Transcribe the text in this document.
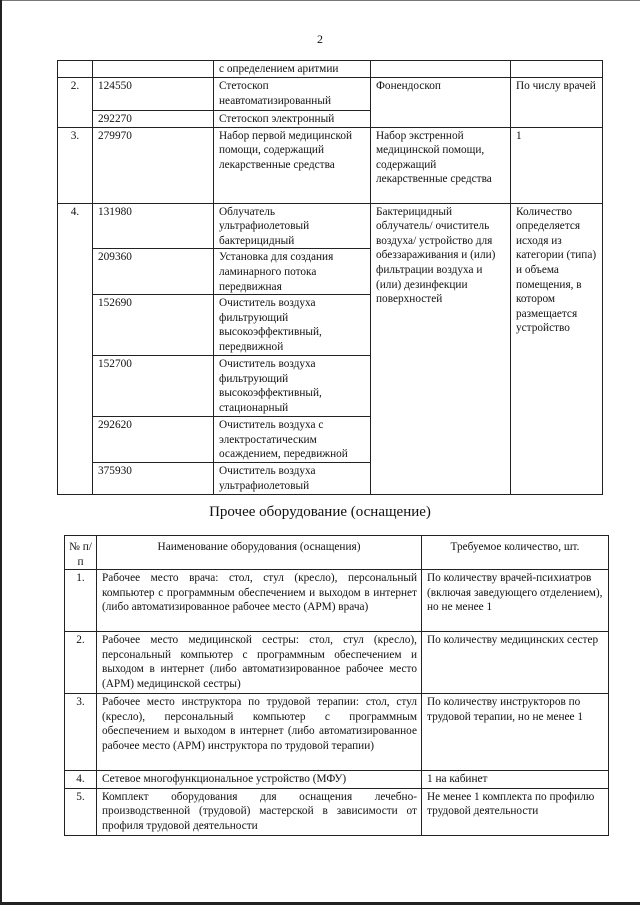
2
		с определением аритмии		
2.	124550	Стетоскоп неавтоматизированный	Фонендоскоп	По числу врачей
	292270	Стетоскоп электронный		
3.	279970	Набор первой медицинской помощи, содержащий лекарственные средства	Набор экстренной медицинской помощи, содержащий лекарственные средства	1
4.	131980	Облучатель ультрафиолетовый бактерицидный	Бактерицидный облучатель/ очиститель воздуха/ устройство для обеззараживания и (или) фильтрации воздуха и (или) дезинфекции поверхностей	Количество определяется исходя из категории (типа) и объема помещения, в котором размещается устройство
	209360	Установка для создания ламинарного потока передвижная		
	152690	Очиститель воздуха фильтрующий высокоэффективный, передвижной		
	152700	Очиститель воздуха фильтрующий высокоэффективный, стационарный		
	292620	Очиститель воздуха с электростатическим осаждением, передвижной		
	375930	Очиститель воздуха ультрафиолетовый		
Прочее оборудование (оснащение)
№ п/п	Наименование оборудования (оснащения)	Требуемое количество, шт.
1.	Рабочее место врача: стол, стул (кресло), персональный компьютер с программным обеспечением и выходом в интернет (либо автоматизированное рабочее место (АРМ) врача)	По количеству врачей-психиатров (включая заведующего отделением), но не менее 1
2.	Рабочее место медицинской сестры: стол, стул (кресло), персональный компьютер с программным обеспечением и выходом в интернет (либо автоматизированное рабочее место (АРМ) медицинской сестры)	По количеству медицинских сестер
3.	Рабочее место инструктора по трудовой терапии: стол, стул (кресло), персональный компьютер с программным обеспечением и выходом в интернет (либо автоматизированное рабочее место (АРМ) инструктора по трудовой терапии)	По количеству инструкторов по трудовой терапии, но не менее 1
4.	Сетевое многофункциональное устройство (МФУ)	1 на кабинет
5.	Комплект оборудования для оснащения лечебно-производственной (трудовой) мастерской в зависимости от профиля трудовой деятельности	Не менее 1 комплекта по профилю трудовой деятельности
